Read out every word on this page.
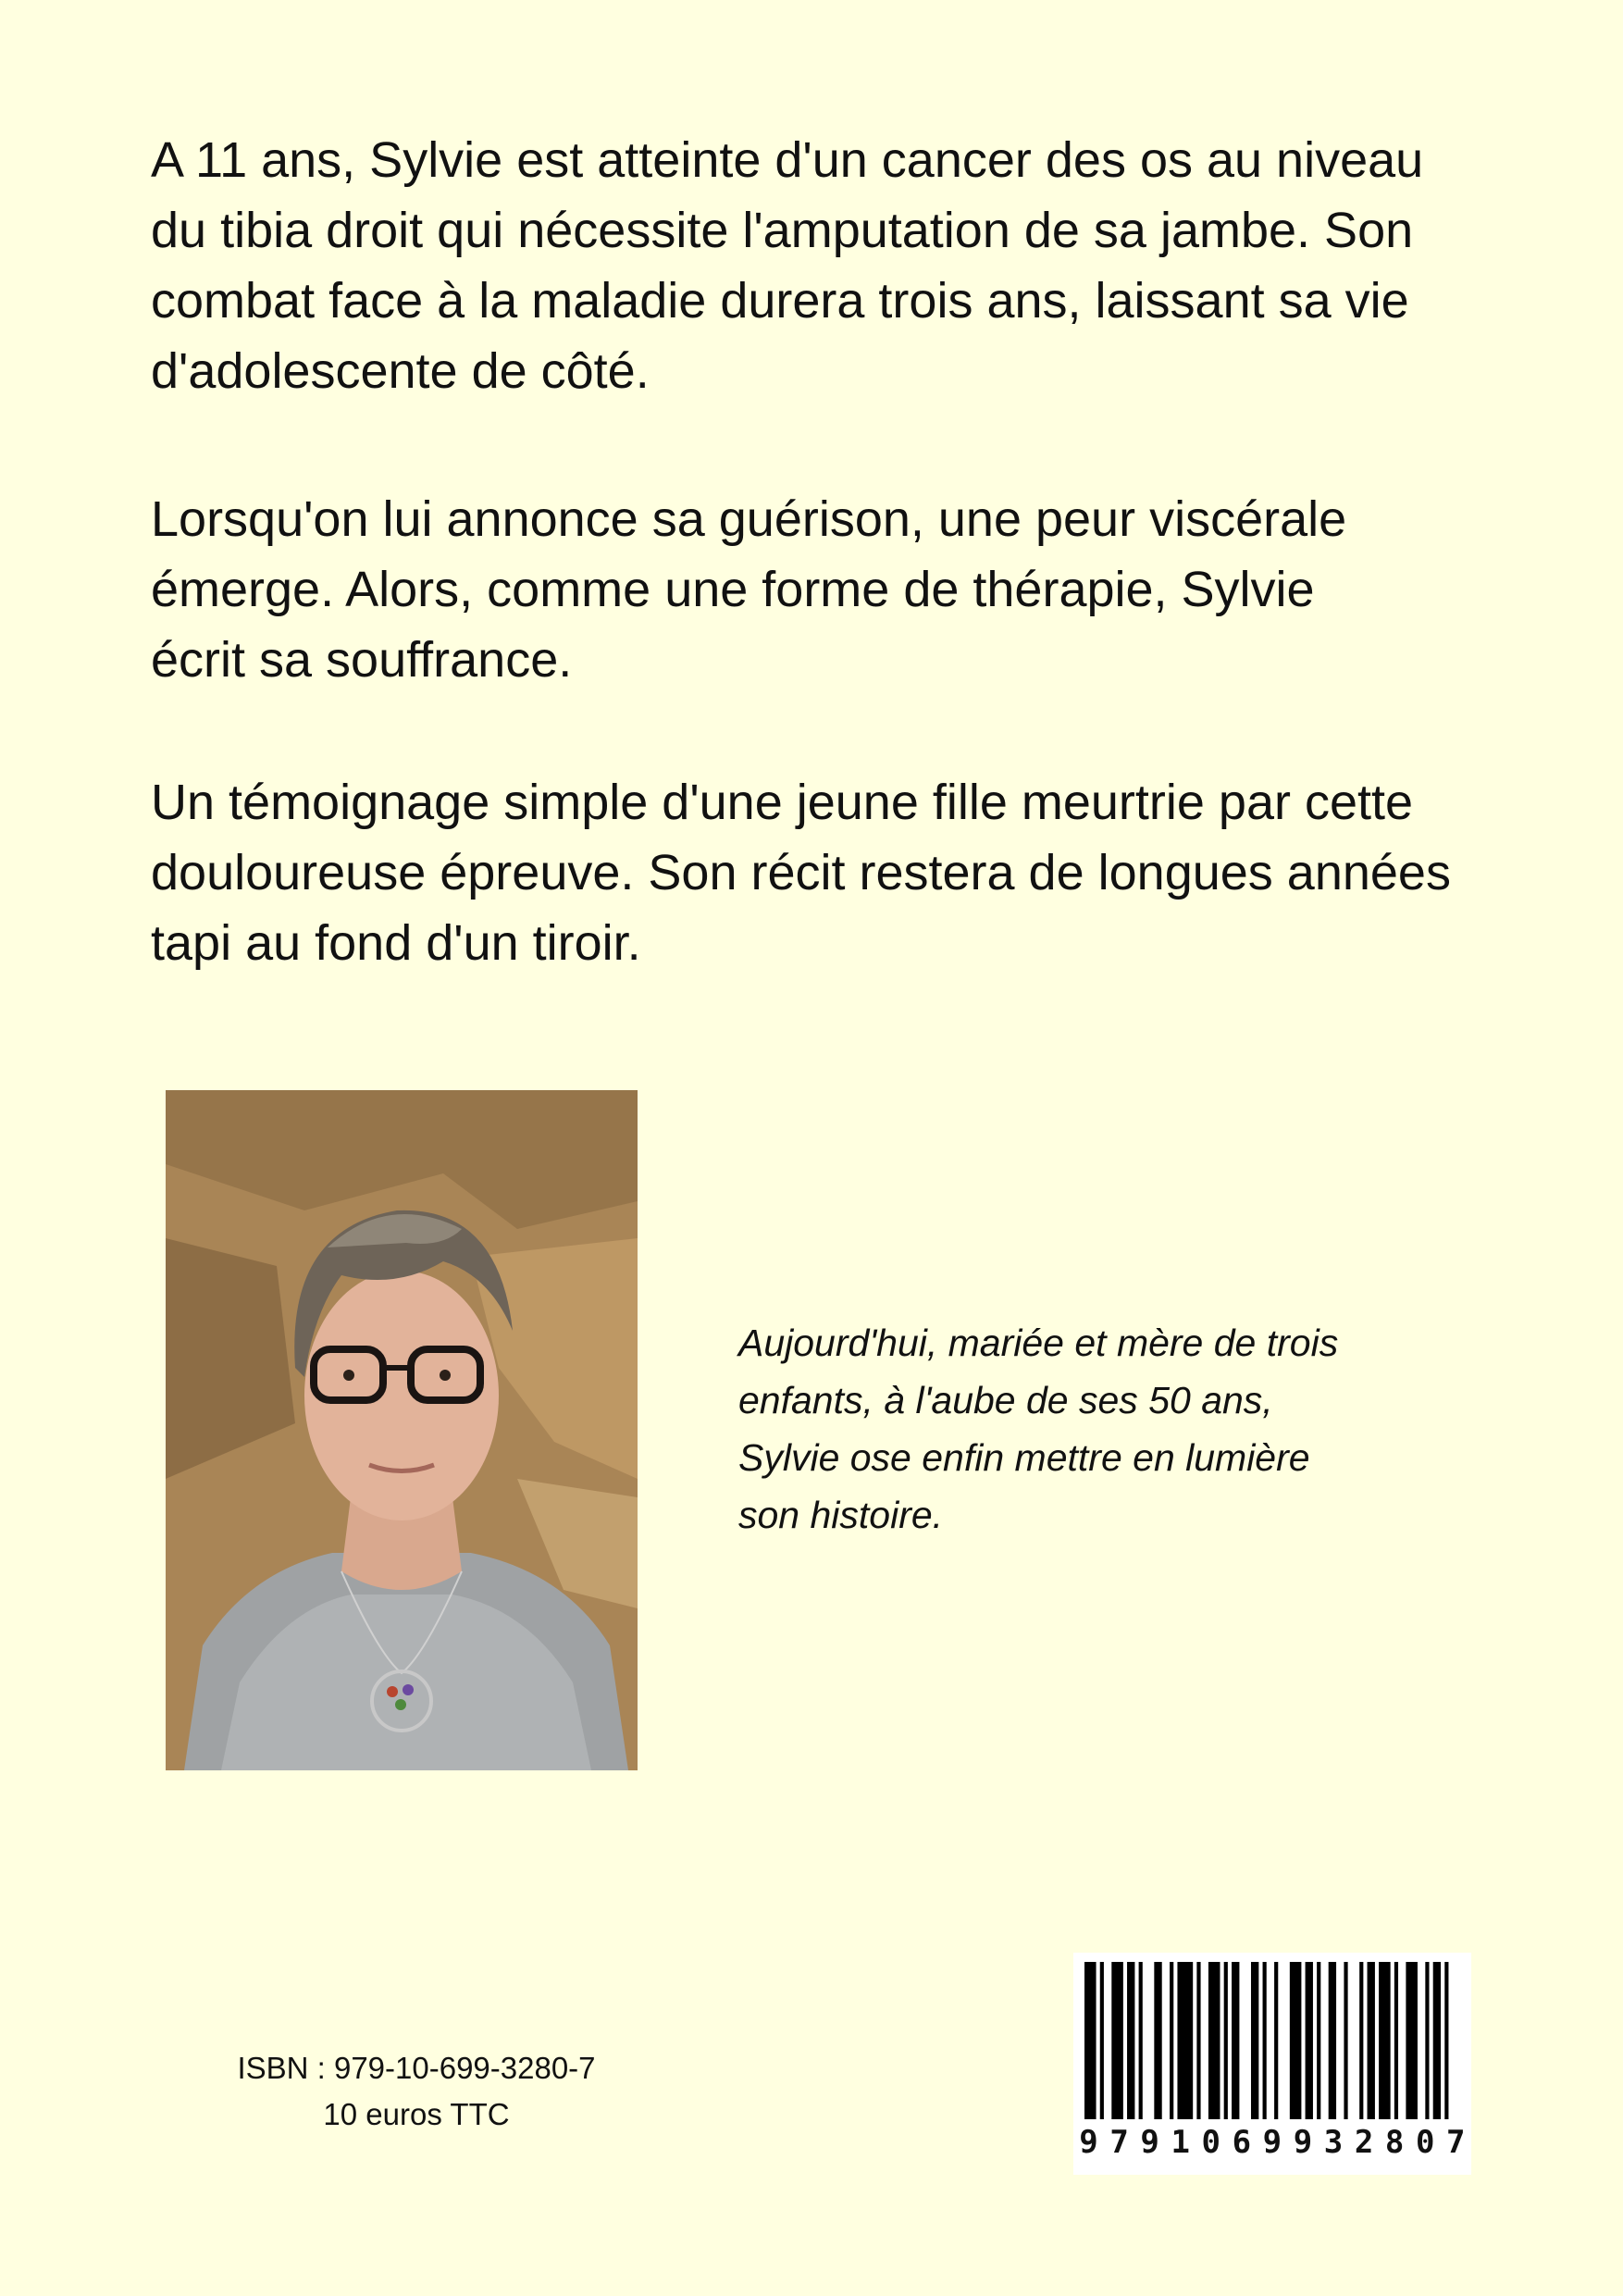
A 11 ans, Sylvie est atteinte d'un cancer des os au niveau
du tibia droit qui nécessite l'amputation de sa jambe. Son
combat face à la maladie durera trois ans, laissant sa vie
d'adolescente de côté.

Lorsqu'on lui annonce sa guérison, une peur viscérale
émerge. Alors, comme une forme de thérapie, Sylvie
écrit sa souffrance.

Un témoignage simple d'une jeune fille meurtrie par cette
douloureuse épreuve. Son récit restera de longues années
tapi au fond d'un tiroir.

Aujourd'hui, mariée et mère de trois
enfants, à l'aube de ses 50 ans,
Sylvie ose enfin mettre en lumière
son histoire.

ISBN : 979-10-699-3280-7
10 euros TTC
9 7 9 1 0 6 9 9 3 2 8 0 7
